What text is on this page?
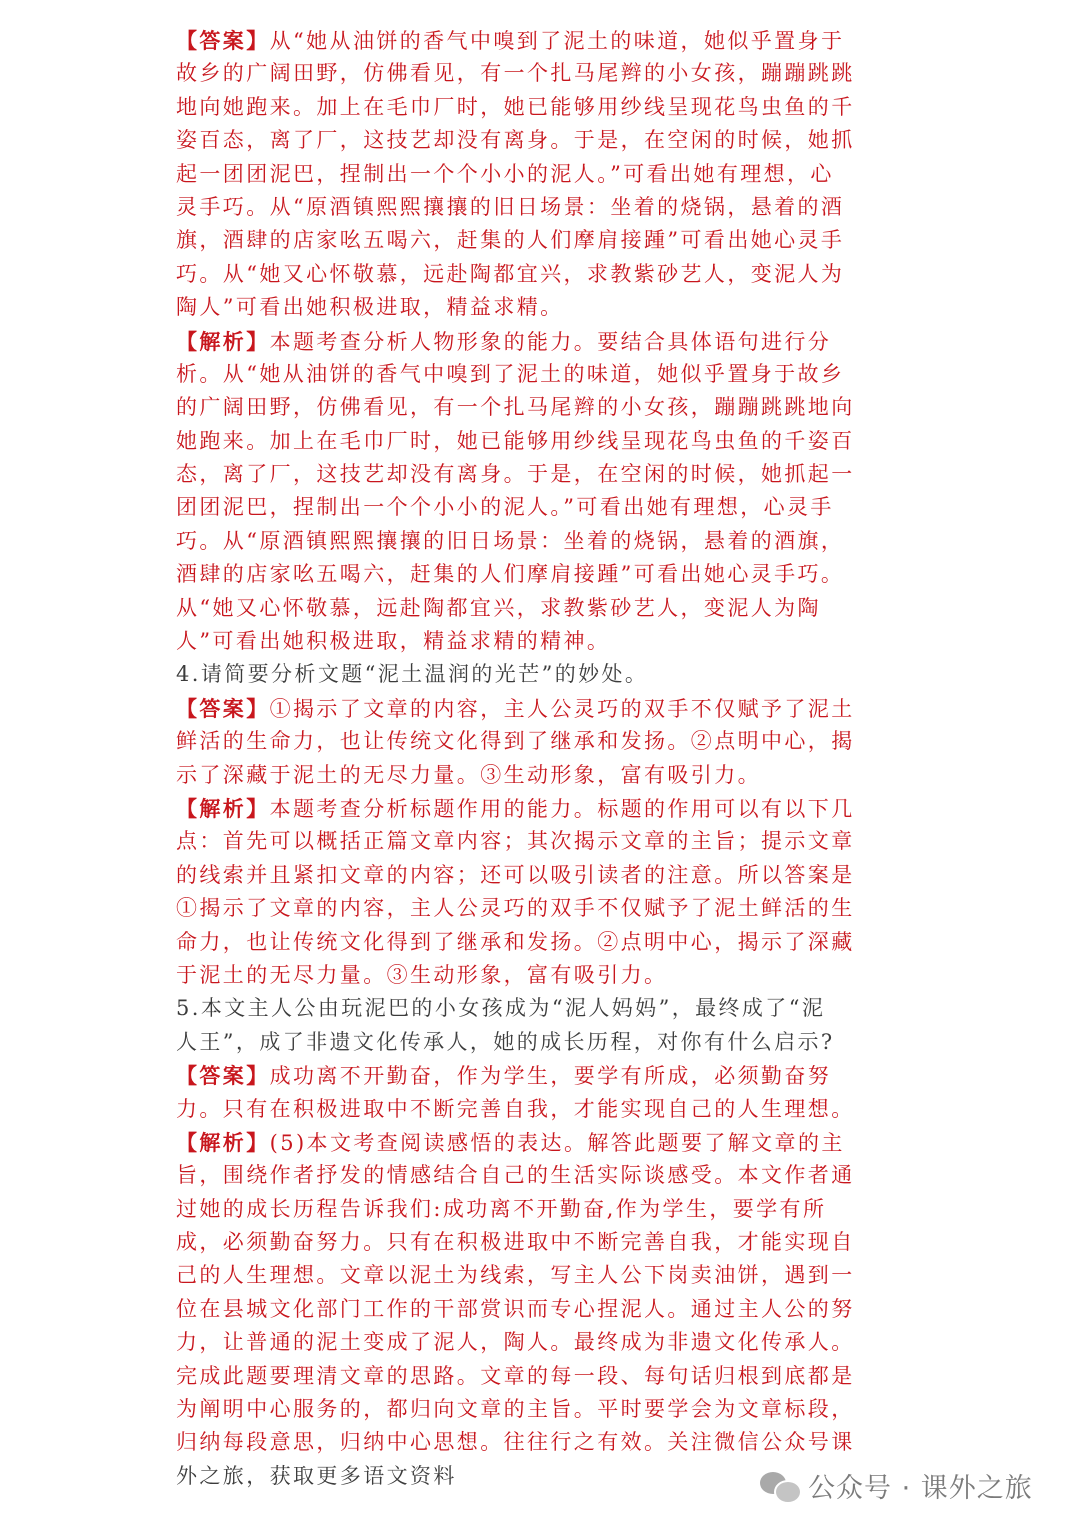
【答案】从“她从油饼的香气中嗅到了泥土的味道，她似乎置身于
故乡的广阔田野，仿佛看见，有一个扎马尾辫的小女孩，蹦蹦跳跳
地向她跑来。加上在毛巾厂时，她已能够用纱线呈现花鸟虫鱼的千
姿百态，离了厂，这技艺却没有离身。于是，在空闲的时候，她抓
起一团团泥巴，捏制出一个个小小的泥人。”可看出她有理想，心
灵手巧。从“原酒镇熙熙攘攘的旧日场景：坐着的烧锅，悬着的酒
旗，酒肆的店家吆五喝六，赶集的人们摩肩接踵”可看出她心灵手
巧。从“她又心怀敬慕，远赴陶都宜兴，求教紫砂艺人，变泥人为
陶人”可看出她积极进取，精益求精。
【解析】本题考查分析人物形象的能力。要结合具体语句进行分
析。从“她从油饼的香气中嗅到了泥土的味道，她似乎置身于故乡
的广阔田野，仿佛看见，有一个扎马尾辫的小女孩，蹦蹦跳跳地向
她跑来。加上在毛巾厂时，她已能够用纱线呈现花鸟虫鱼的千姿百
态，离了厂，这技艺却没有离身。于是，在空闲的时候，她抓起一
团团泥巴，捏制出一个个小小的泥人。”可看出她有理想，心灵手
巧。从“原酒镇熙熙攘攘的旧日场景：坐着的烧锅，悬着的酒旗，
酒肆的店家吆五喝六，赶集的人们摩肩接踵”可看出她心灵手巧。
从“她又心怀敬慕，远赴陶都宜兴，求教紫砂艺人，变泥人为陶
人”可看出她积极进取，精益求精的精神。
4.请简要分析文题“泥土温润的光芒”的妙处。
【答案】①揭示了文章的内容，主人公灵巧的双手不仅赋予了泥土
鲜活的生命力，也让传统文化得到了继承和发扬。②点明中心，揭
示了深藏于泥土的无尽力量。③生动形象，富有吸引力。
【解析】本题考查分析标题作用的能力。标题的作用可以有以下几
点：首先可以概括正篇文章内容；其次揭示文章的主旨；提示文章
的线索并且紧扣文章的内容；还可以吸引读者的注意。所以答案是
①揭示了文章的内容，主人公灵巧的双手不仅赋予了泥土鲜活的生
命力，也让传统文化得到了继承和发扬。②点明中心，揭示了深藏
于泥土的无尽力量。③生动形象，富有吸引力。
5.本文主人公由玩泥巴的小女孩成为“泥人妈妈”，最终成了“泥
人王”，成了非遗文化传承人，她的成长历程，对你有什么启示?
【答案】成功离不开勤奋，作为学生，要学有所成，必须勤奋努
力。只有在积极进取中不断完善自我，才能实现自己的人生理想。
【解析】(5)本文考查阅读感悟的表达。解答此题要了解文章的主
旨，围绕作者抒发的情感结合自己的生活实际谈感受。本文作者通
过她的成长历程告诉我们:成功离不开勤奋,作为学生，要学有所
成，必须勤奋努力。只有在积极进取中不断完善自我，才能实现自
己的人生理想。文章以泥土为线索，写主人公下岗卖油饼，遇到一
位在县城文化部门工作的干部赏识而专心捏泥人。通过主人公的努
力，让普通的泥土变成了泥人，陶人。最终成为非遗文化传承人。
完成此题要理清文章的思路。文章的每一段、每句话归根到底都是
为阐明中心服务的，都归向文章的主旨。平时要学会为文章标段，
归纳每段意思，归纳中心思想。往往行之有效。关注微信公众号课
外之旅，获取更多语文资料	公众号 · 课外之旅
